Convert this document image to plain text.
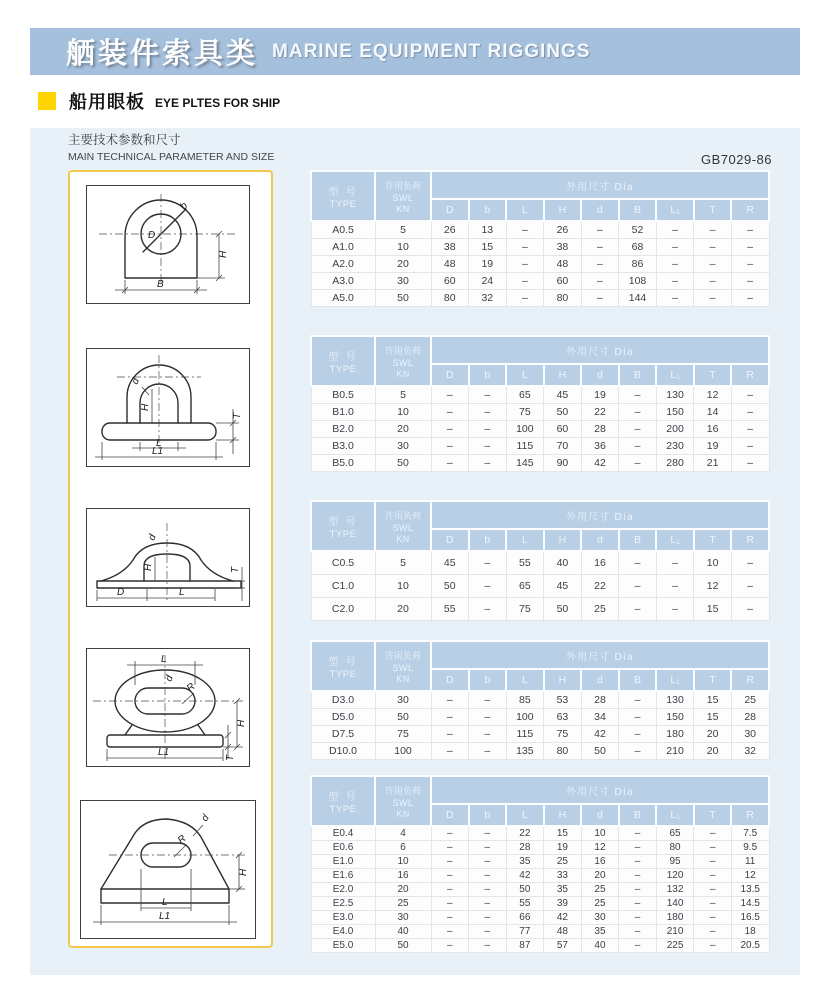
舾装件索具类 MARINE EQUIPMENT RIGGINGS
船用眼板 EYE PLTES FOR SHIP
主要技术参数和尺寸
MAIN TECHNICAL PARAMETER AND SIZE	GB7029-86
b
D
H
B
d
H
L
L1
T
d
H
D	L
T
L
d
R
H
T
L1
d
R
H
L
L1
型 号
TYPE	许用负荷
SWL
KN	外用尺寸 Dia								
		D	b	L	H	d	B	L₁	T	R
A0.5	5	26	13	–	26	–	52	–	–	–
A1.0	10	38	15	–	38	–	68	–	–	–
A2.0	20	48	19	–	48	–	86	–	–	–
A3.0	30	60	24	–	60	–	108	–	–	–
A5.0	50	80	32	–	80	–	144	–	–	–
型 号
TYPE	许用负荷
SWL
KN	外用尺寸 Dia								
		D	b	L	H	d	B	L₁	T	R
B0.5	5	–	–	65	45	19	–	130	12	–
B1.0	10	–	–	75	50	22	–	150	14	–
B2.0	20	–	–	100	60	28	–	200	16	–
B3.0	30	–	–	115	70	36	–	230	19	–
B5.0	50	–	–	145	90	42	–	280	21	–
型 号
TYPE	许用负荷
SWL
KN	外用尺寸 Dia								
		D	b	L	H	d	B	L₁	T	R
C0.5	5	45	–	55	40	16	–	–	10	–
C1.0	10	50	–	65	45	22	–	–	12	–
C2.0	20	55	–	75	50	25	–	–	15	–
型 号
TYPE	许用负荷
SWL
KN	外用尺寸 Dia								
		D	b	L	H	d	B	L₁	T	R
D3.0	30	–	–	85	53	28	–	130	15	25
D5.0	50	–	–	100	63	34	–	150	15	28
D7.5	75	–	–	115	75	42	–	180	20	30
D10.0	100	–	–	135	80	50	–	210	20	32
型 号
TYPE	许用负荷
SWL
KN	外用尺寸 Dia								
		D	b	L	H	d	B	L₁	T	R
E0.4	4	–	–	22	15	10	–	65	–	7.5
E0.6	6	–	–	28	19	12	–	80	–	9.5
E1.0	10	–	–	35	25	16	–	95	–	11
E1.6	16	–	–	42	33	20	–	120	–	12
E2.0	20	–	–	50	35	25	–	132	–	13.5
E2.5	25	–	–	55	39	25	–	140	–	14.5
E3.0	30	–	–	66	42	30	–	180	–	16.5
E4.0	40	–	–	77	48	35	–	210	–	18
E5.0	50	–	–	87	57	40	–	225	–	20.5
